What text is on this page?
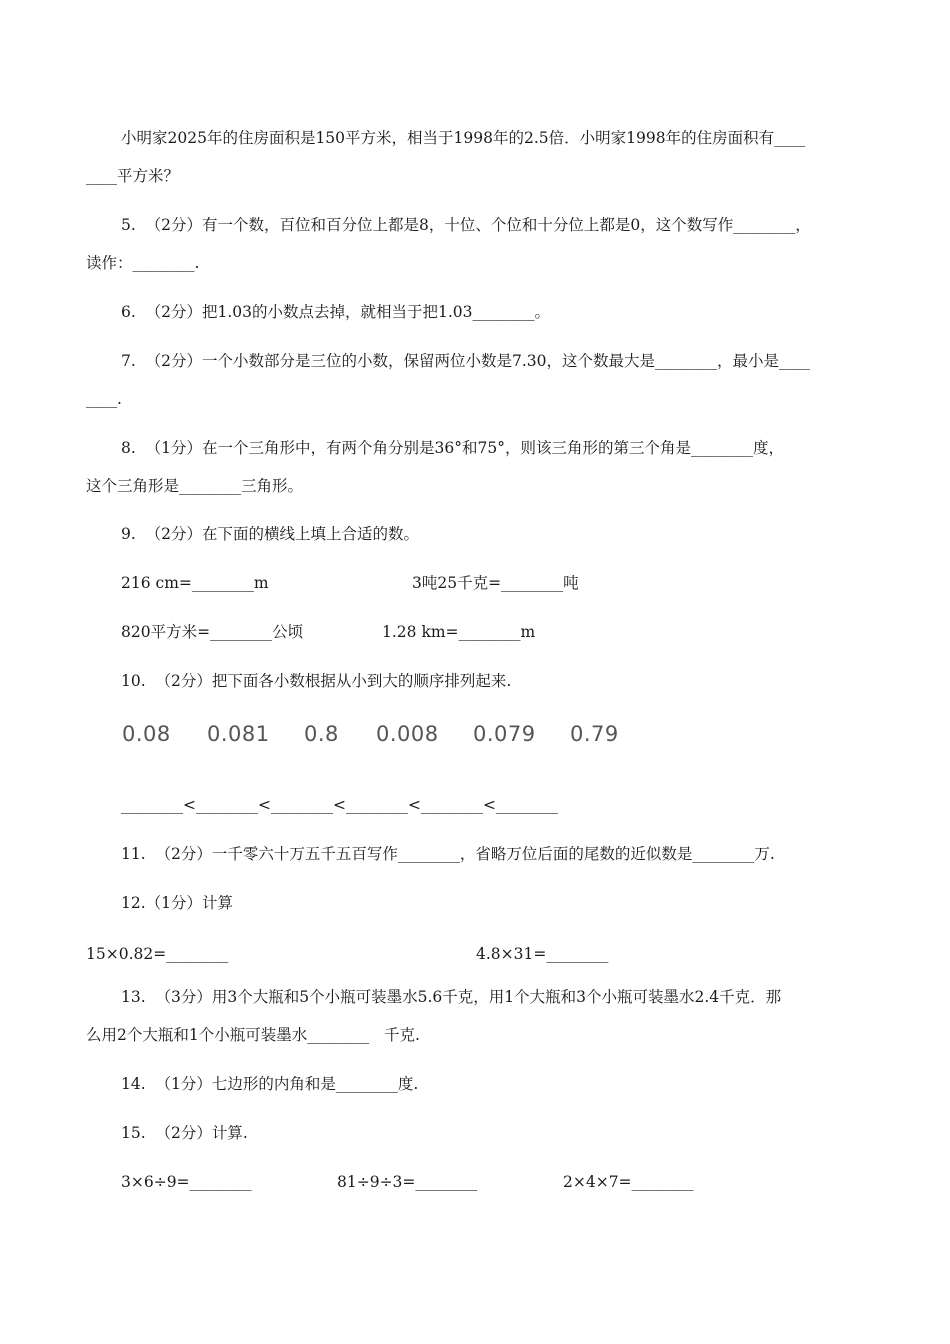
小明家2025年的住房面积是150平方米，相当于1998年的2.5倍．小明家1998年的住房面积有____
____平方米？
5.  （2分）有一个数，百位和百分位上都是8，十位、个位和十分位上都是0，这个数写作________，
读作：________.
6.  （2分）把1.03的小数点去掉，就相当于把1.03________。
7.  （2分）一个小数部分是三位的小数，保留两位小数是7.30，这个数最大是________，最小是____
____.
8.  （1分）在一个三角形中，有两个角分别是36°和75°，则该三角形的第三个角是________度，
这个三角形是________三角形。
9.  （2分）在下面的横线上填上合适的数。
216 cm=________m	3吨25千克=________吨
820平方米=________公顷	1.28 km=________m
10.  （2分）把下面各小数根据从小到大的顺序排列起来.
0.08 0.081 0.8 0.008 0.079 0.79
________<________<________<________<________<________
11.  （2分）一千零六十万五千五百写作________，省略万位后面的尾数的近似数是________万.
12.（1分）计算
15×0.82=________	4.8×31=________
13.  （3分）用3个大瓶和5个小瓶可装墨水5.6千克，用1个大瓶和3个小瓶可装墨水2.4千克．那
么用2个大瓶和1个小瓶可装墨水________   千克.
14.  （1分）七边形的内角和是________度.
15.  （2分）计算.
3×6÷9=________	81÷9÷3=________	2×4×7=________
